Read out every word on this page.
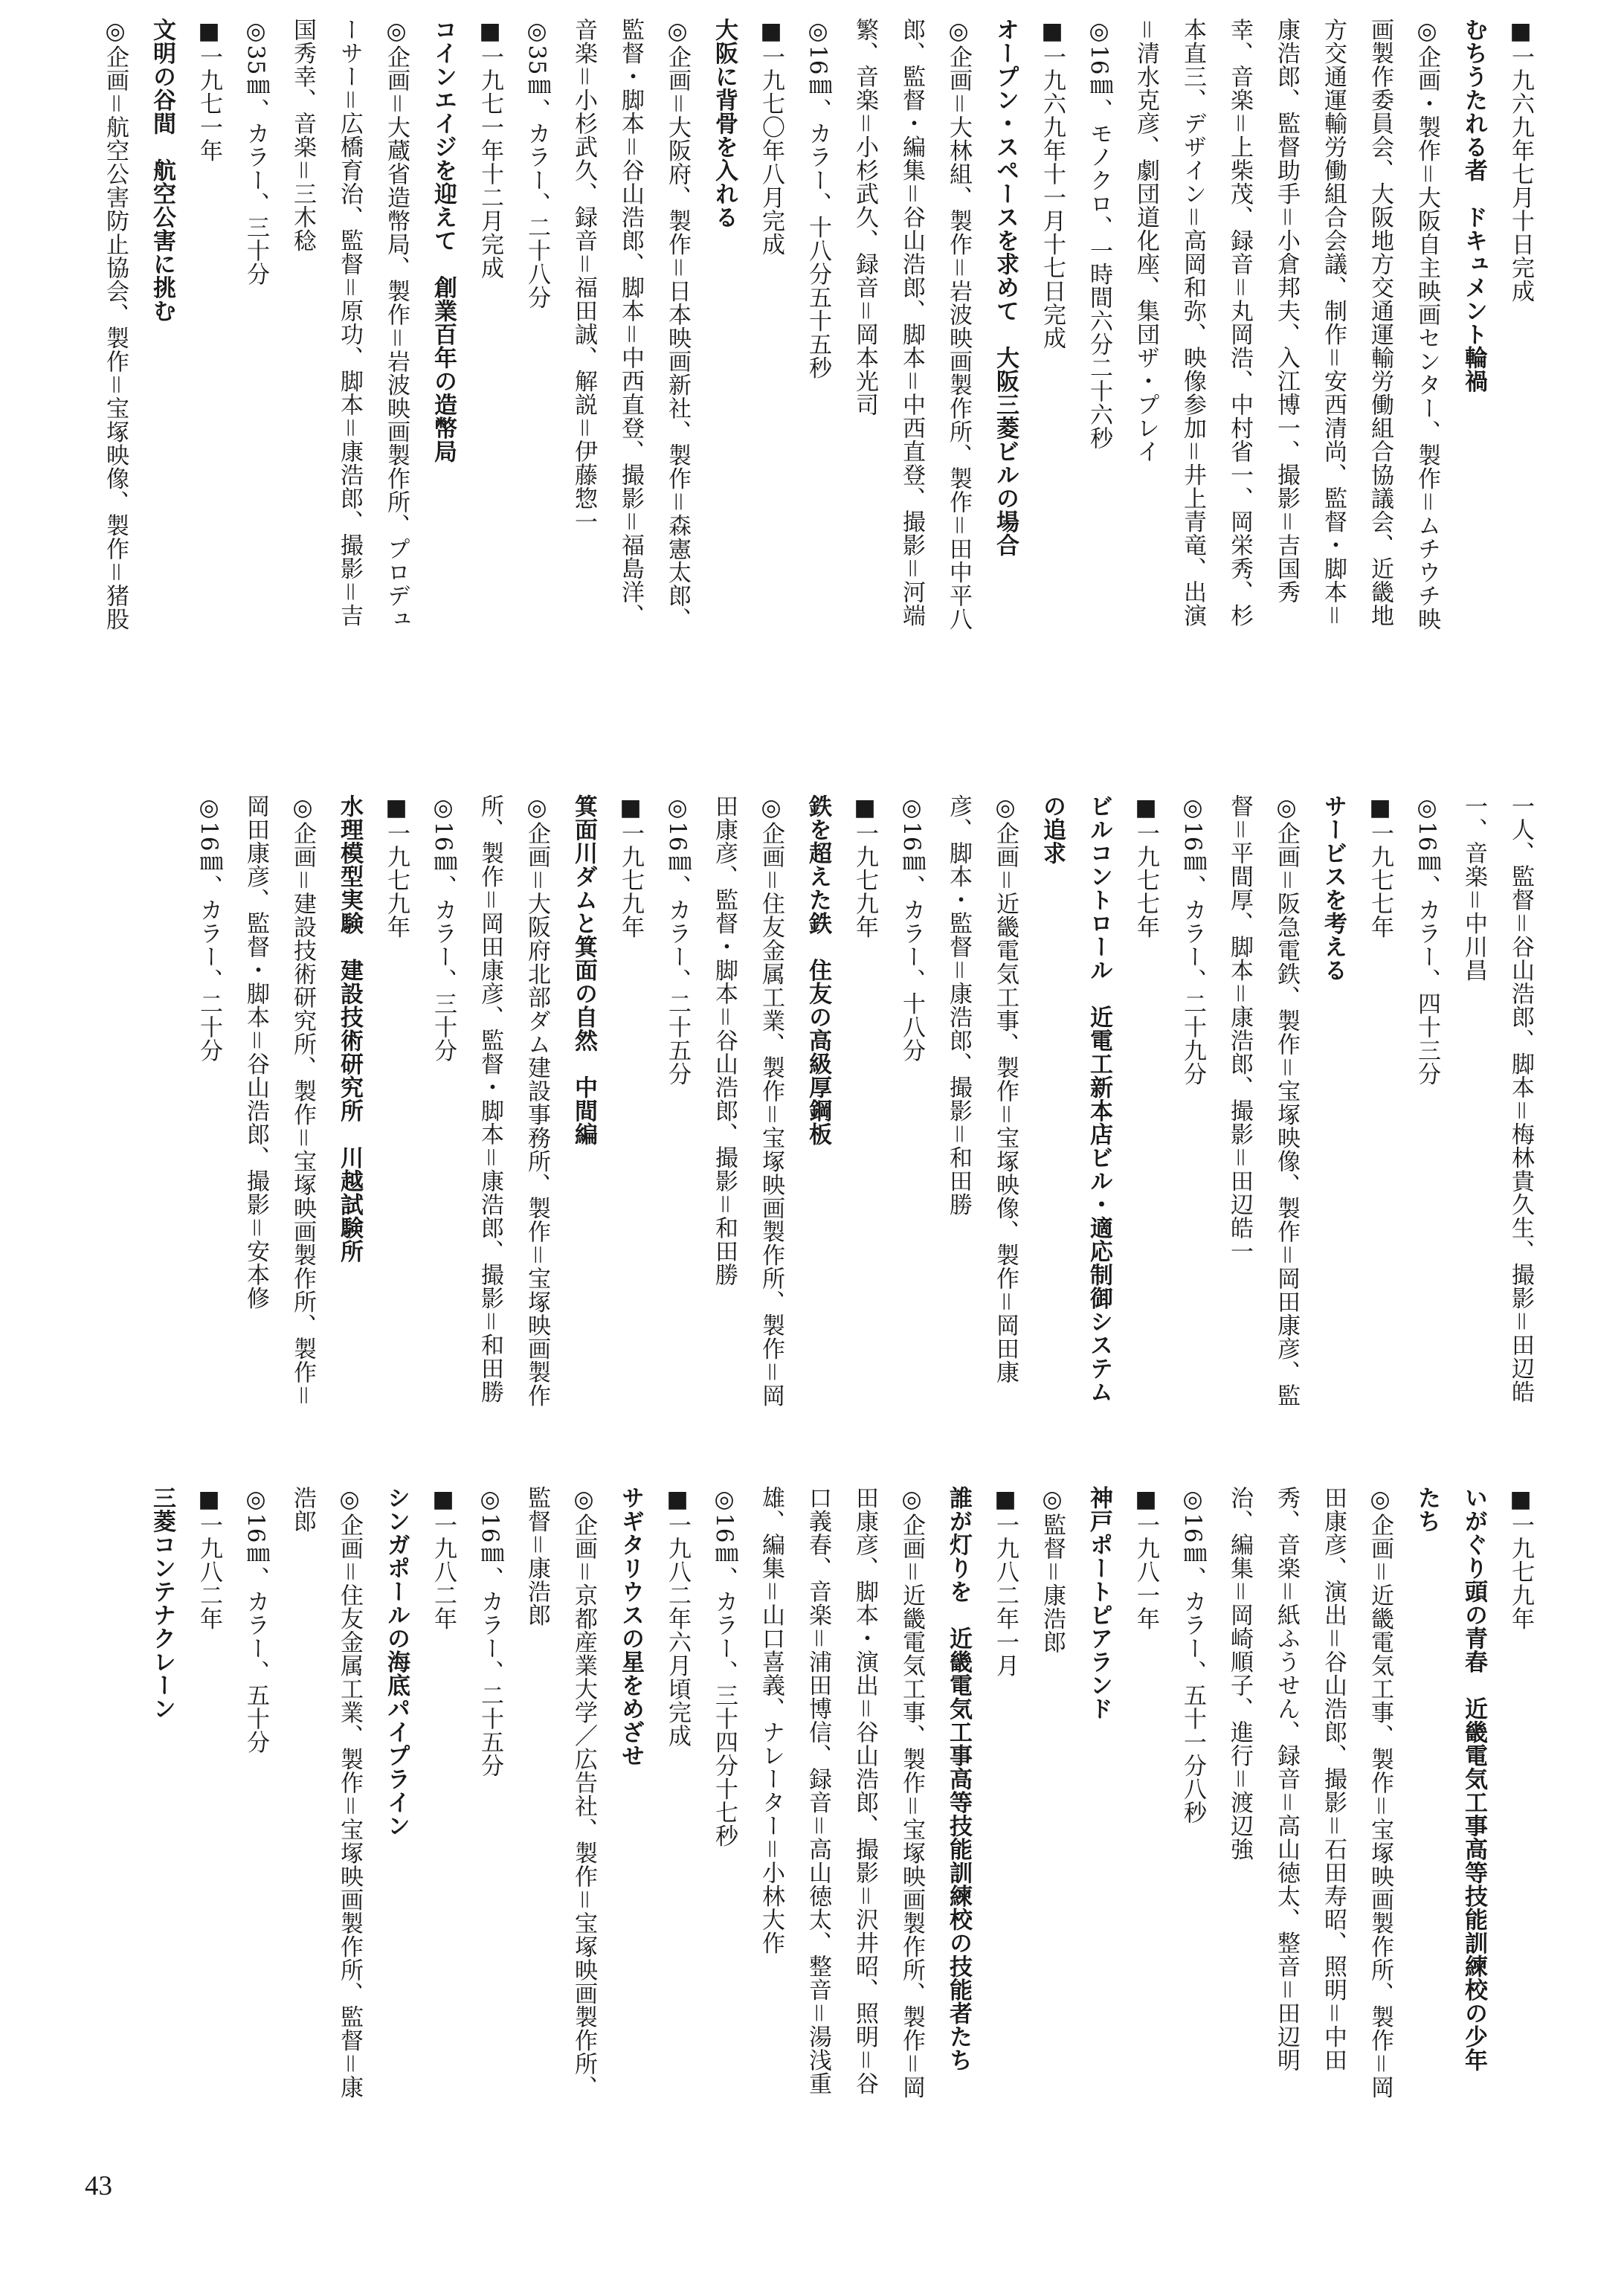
■一九六九年七月十日完成

むちうたれる者　ドキュメント輪禍

◎企画・製作＝大阪自主映画センター、製作＝ムチウチ映

画製作委員会、大阪地方交通運輸労働組合協議会、近畿地

方交通運輸労働組合会議、制作＝安西清尚、監督・脚本＝

康浩郎、監督助手＝小倉邦夫、入江博一、撮影＝吉国秀

幸、音楽＝上柴茂、録音＝丸岡浩、中村省一、岡栄秀、杉

本直三、デザイン＝高岡和弥、映像参加＝井上青竜、出演

＝清水克彦、劇団道化座、集団ザ・プレイ

◎16㎜、モノクロ、一時間六分二十六秒

■一九六九年十一月十七日完成

オープン・スペースを求めて　大阪三菱ビルの場合

◎企画＝大林組、製作＝岩波映画製作所、製作＝田中平八

郎、監督・編集＝谷山浩郎、脚本＝中西直登、撮影＝河端

繁、音楽＝小杉武久、録音＝岡本光司

◎16㎜、カラー、十八分五十五秒

■一九七〇年八月完成

大阪に背骨を入れる

◎企画＝大阪府、製作＝日本映画新社、製作＝森憲太郎、

監督・脚本＝谷山浩郎、脚本＝中西直登、撮影＝福島洋、

音楽＝小杉武久、録音＝福田誠、解説＝伊藤惣一

◎35㎜、カラー、二十八分

■一九七一年十二月完成

コインエイジを迎えて　創業百年の造幣局

◎企画＝大蔵省造幣局、製作＝岩波映画製作所、プロデュ

ーサー＝広橋育治、監督＝原功、脚本＝康浩郎、撮影＝吉

国秀幸、音楽＝三木稔

◎35㎜、カラー、三十分

■一九七一年

文明の谷間　航空公害に挑む

◎企画＝航空公害防止協会、製作＝宝塚映像、製作＝猪股

一人、監督＝谷山浩郎、脚本＝梅林貴久生、撮影＝田辺皓

一、音楽＝中川昌

◎16㎜、カラー、四十三分

■一九七七年

サービスを考える

◎企画＝阪急電鉄、製作＝宝塚映像、製作＝岡田康彦、監

督＝平間厚、脚本＝康浩郎、撮影＝田辺皓一

◎16㎜、カラー、二十九分

■一九七七年

ビルコントロール　近電工新本店ビル・適応制御システム

の追求

◎企画＝近畿電気工事、製作＝宝塚映像、製作＝岡田康

彦、脚本・監督＝康浩郎、撮影＝和田勝

◎16㎜、カラー、十八分

■一九七九年

鉄を超えた鉄　住友の高級厚鋼板

◎企画＝住友金属工業、製作＝宝塚映画製作所、製作＝岡

田康彦、監督・脚本＝谷山浩郎、撮影＝和田勝

◎16㎜、カラー、二十五分

■一九七九年

箕面川ダムと箕面の自然　中間編

◎企画＝大阪府北部ダム建設事務所、製作＝宝塚映画製作

所、製作＝岡田康彦、監督・脚本＝康浩郎、撮影＝和田勝

◎16㎜、カラー、三十分

■一九七九年

水理模型実験　建設技術研究所　川越試験所

◎企画＝建設技術研究所、製作＝宝塚映画製作所、製作＝

岡田康彦、監督・脚本＝谷山浩郎、撮影＝安本修

◎16㎜、カラー、二十分

■一九七九年

いがぐり頭の青春　近畿電気工事高等技能訓練校の少年

たち

◎企画＝近畿電気工事、製作＝宝塚映画製作所、製作＝岡

田康彦、演出＝谷山浩郎、撮影＝石田寿昭、照明＝中田

秀、音楽＝紙ふうせん、録音＝高山徳太、整音＝田辺明

治、編集＝岡崎順子、進行＝渡辺強

◎16㎜、カラー、五十一分八秒

■一九八一年

神戸ポートピアランド

◎監督＝康浩郎

■一九八二年一月

誰が灯りを　近畿電気工事高等技能訓練校の技能者たち

◎企画＝近畿電気工事、製作＝宝塚映画製作所、製作＝岡

田康彦、脚本・演出＝谷山浩郎、撮影＝沢井昭、照明＝谷

口義春、音楽＝浦田博信、録音＝高山徳太、整音＝湯浅重

雄、編集＝山口喜義、ナレーター＝小林大作

◎16㎜、カラー、三十四分十七秒

■一九八二年六月頃完成

サギタリウスの星をめざせ

◎企画＝京都産業大学／広告社、製作＝宝塚映画製作所、

監督＝康浩郎

◎16㎜、カラー、二十五分

■一九八二年

シンガポールの海底パイプライン

◎企画＝住友金属工業、製作＝宝塚映画製作所、監督＝康

浩郎

◎16㎜、カラー、五十分

■一九八二年

三菱コンテナクレーン

43
